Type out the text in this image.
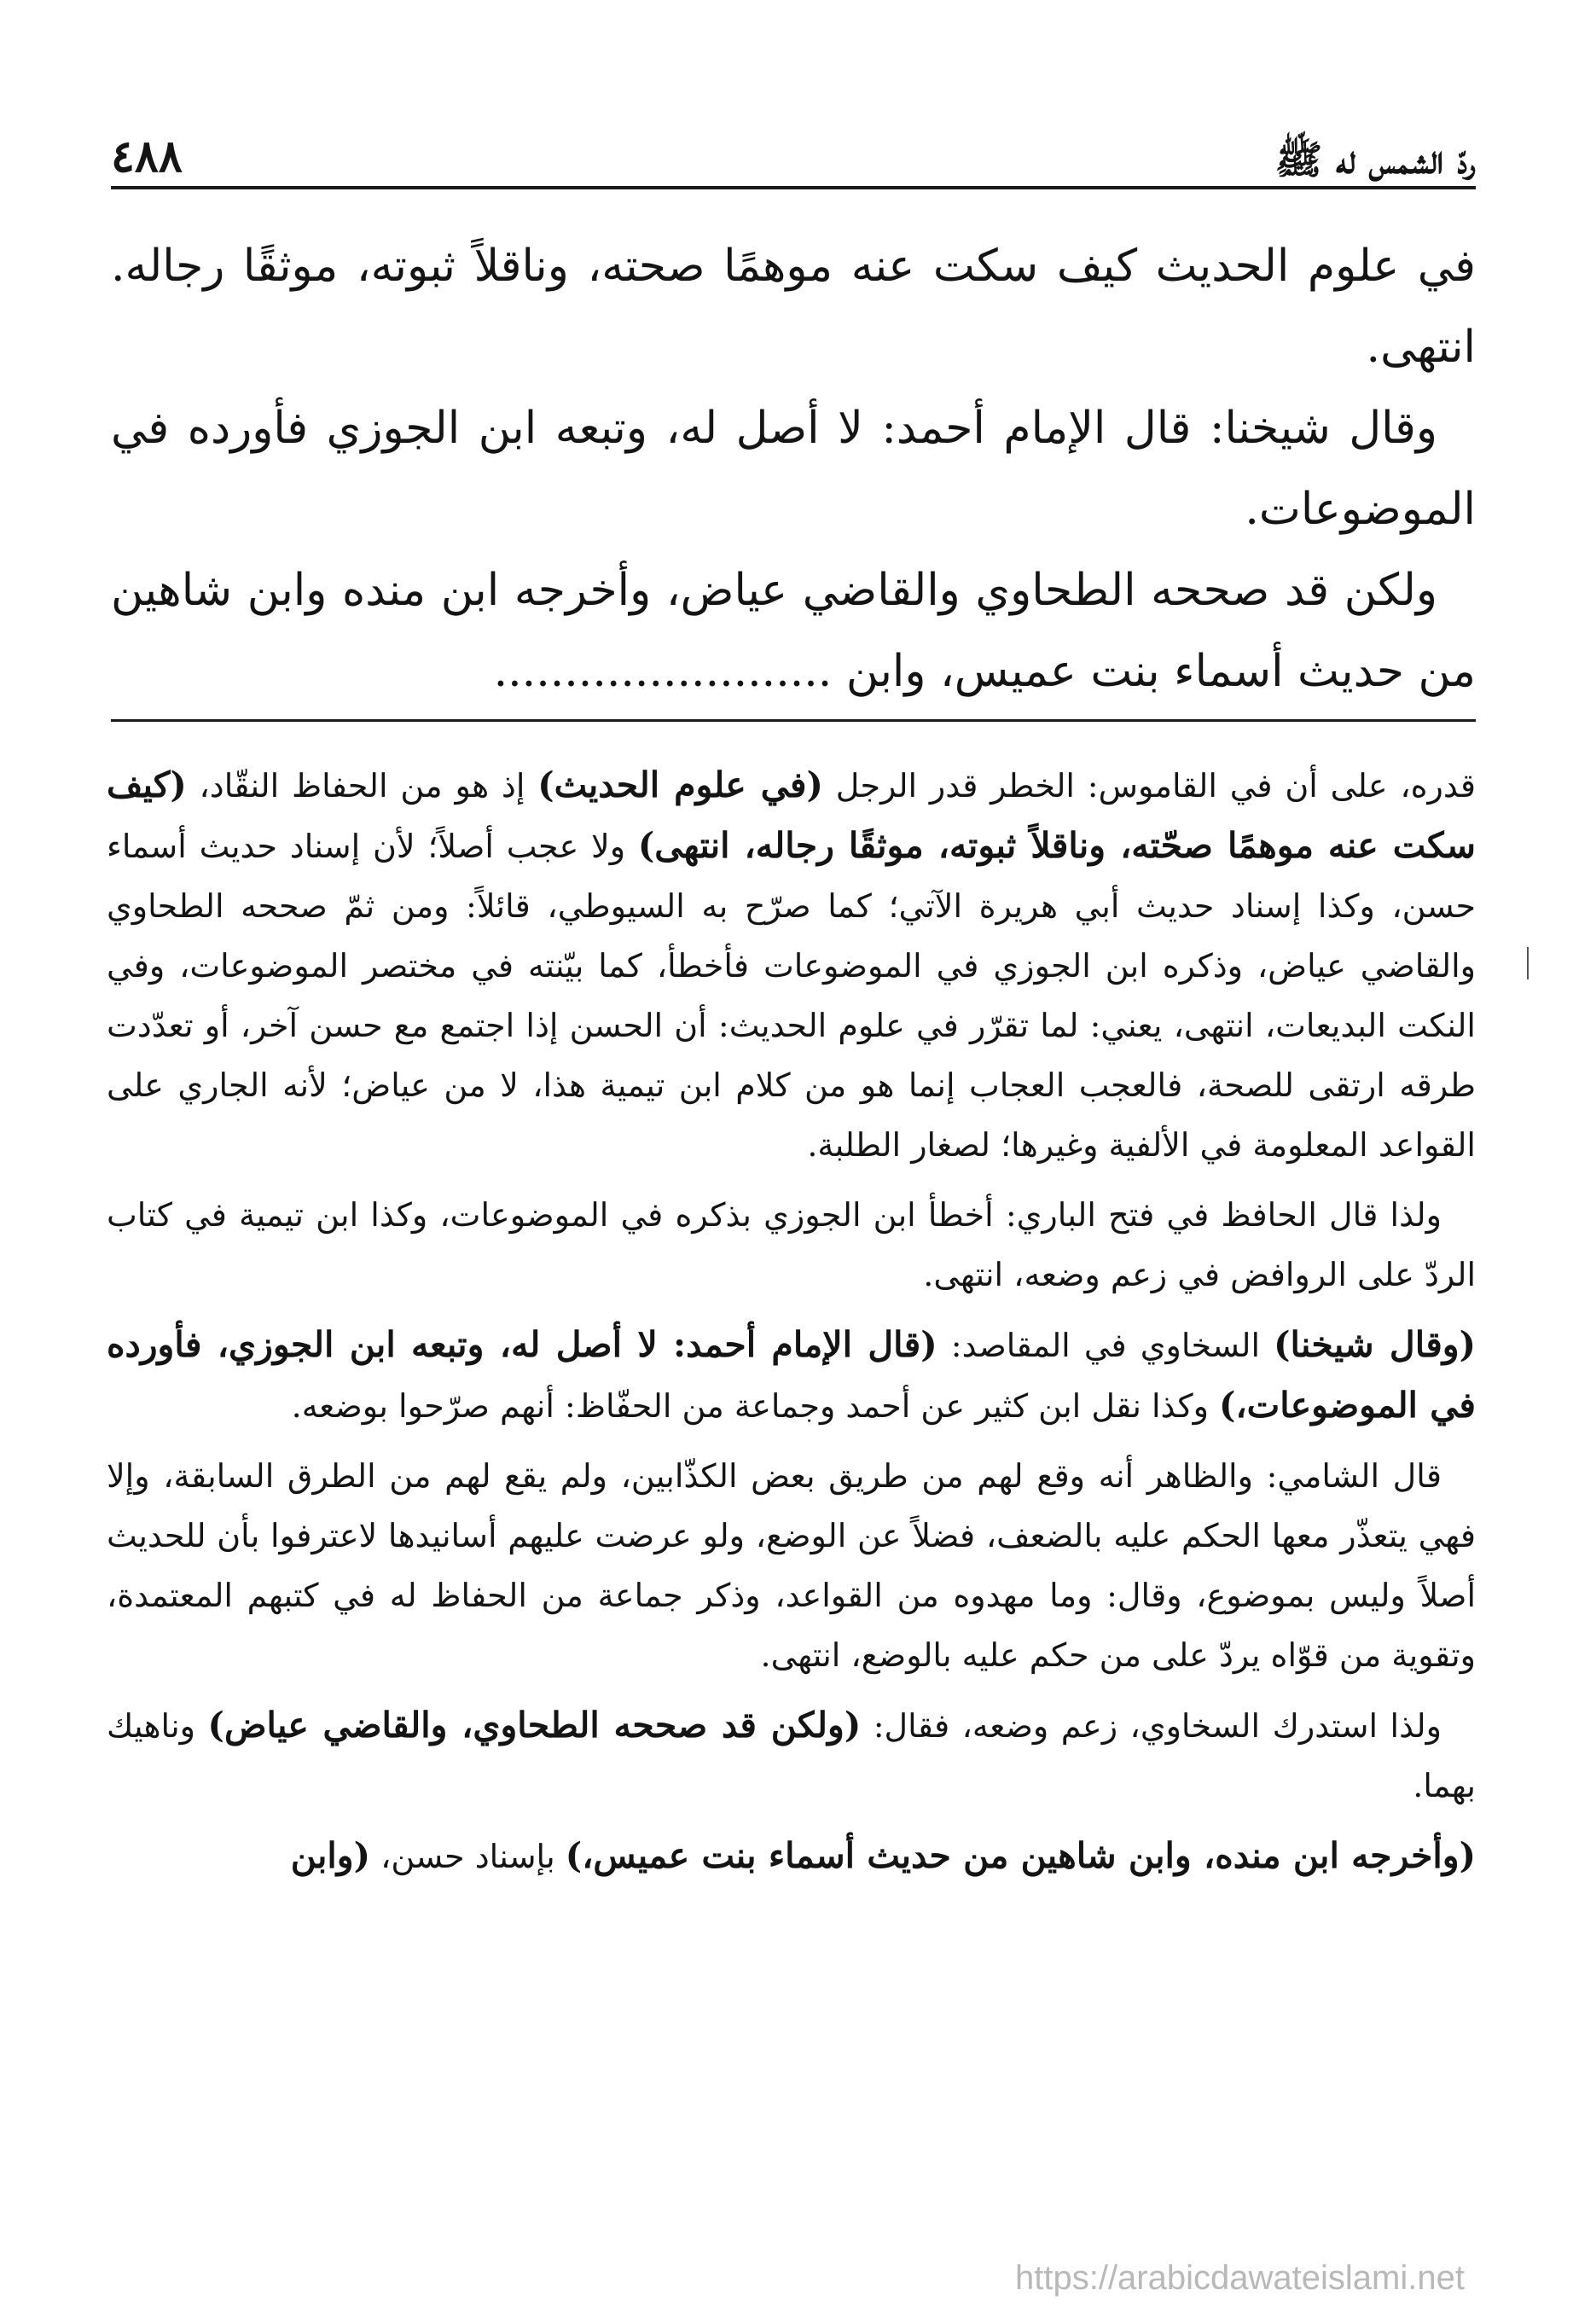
ردّ الشمس له ﷺ
٤٨٨

في علوم الحديث كيف سكت عنه موهمًا صحته، وناقلاً ثبوته، موثقًا رجاله. انتهى.

وقال شيخنا: قال الإمام أحمد: لا أصل له، وتبعه ابن الجوزي فأورده في الموضوعات.

ولكن قد صححه الطحاوي والقاضي عياض، وأخرجه ابن منده وابن شاهين من حديث أسماء بنت عميس، وابن ........................

قدره، على أن في القاموس: الخطر قدر الرجل (في علوم الحديث) إذ هو من الحفاظ النقّاد، (كيف سكت عنه موهمًا صحّته، وناقلاً ثبوته، موثقًا رجاله، انتهى) ولا عجب أصلاً؛ لأن إسناد حديث أسماء حسن، وكذا إسناد حديث أبي هريرة الآتي؛ كما صرّح به السيوطي، قائلاً: ومن ثمّ صححه الطحاوي والقاضي عياض، وذكره ابن الجوزي في الموضوعات فأخطأ، كما بيّنته في مختصر الموضوعات، وفي النكت البديعات، انتهى، يعني: لما تقرّر في علوم الحديث: أن الحسن إذا اجتمع مع حسن آخر، أو تعدّدت طرقه ارتقى للصحة، فالعجب العجاب إنما هو من كلام ابن تيمية هذا، لا من عياض؛ لأنه الجاري على القواعد المعلومة في الألفية وغيرها؛ لصغار الطلبة.

ولذا قال الحافظ في فتح الباري: أخطأ ابن الجوزي بذكره في الموضوعات، وكذا ابن تيمية في كتاب الردّ على الروافض في زعم وضعه، انتهى.

(وقال شيخنا) السخاوي في المقاصد: (قال الإمام أحمد: لا أصل له، وتبعه ابن الجوزي، فأورده في الموضوعات،) وكذا نقل ابن كثير عن أحمد وجماعة من الحفّاظ: أنهم صرّحوا بوضعه.

قال الشامي: والظاهر أنه وقع لهم من طريق بعض الكذّابين، ولم يقع لهم من الطرق السابقة، وإلا فهي يتعذّر معها الحكم عليه بالضعف، فضلاً عن الوضع، ولو عرضت عليهم أسانيدها لاعترفوا بأن للحديث أصلاً وليس بموضوع، وقال: وما مهدوه من القواعد، وذكر جماعة من الحفاظ له في كتبهم المعتمدة، وتقوية من قوّاه يردّ على من حكم عليه بالوضع، انتهى.

ولذا استدرك السخاوي، زعم وضعه، فقال: (ولكن قد صححه الطحاوي، والقاضي عياض) وناهيك بهما.

(وأخرجه ابن منده، وابن شاهين من حديث أسماء بنت عميس،) بإسناد حسن، (وابن

https://arabicdawateislami.net
